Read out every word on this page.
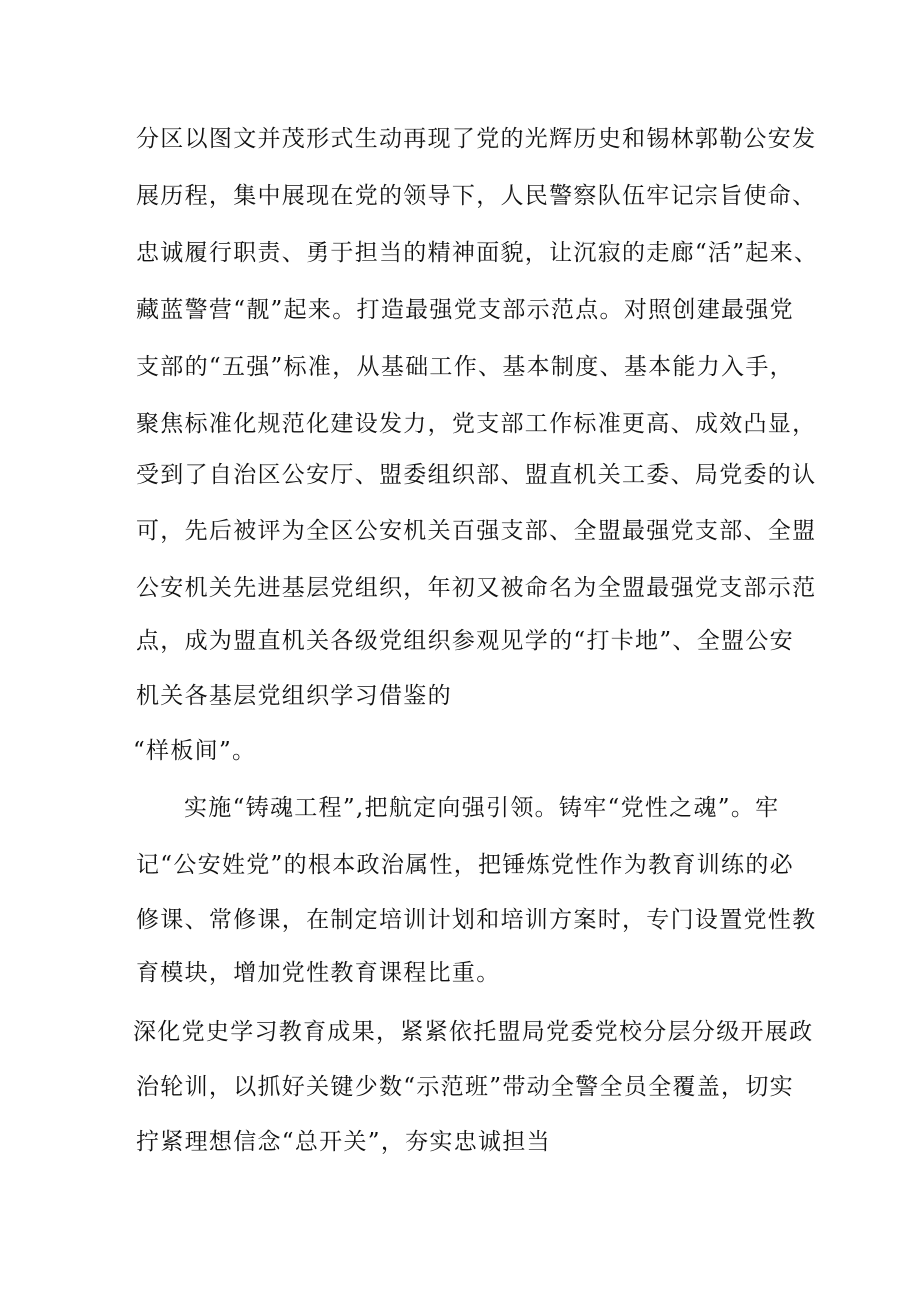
分区以图文并茂形式生动再现了党的光辉历史和锡林郭勒公安发
展历程，集中展现在党的领导下，人民警察队伍牢记宗旨使命、
忠诚履行职责、勇于担当的精神面貌，让沉寂的走廊“活”起来、
藏蓝警营“靓”起来。打造最强党支部示范点。对照创建最强党
支部的“五强”标准，从基础工作、基本制度、基本能力入手，
聚焦标准化规范化建设发力，党支部工作标准更高、成效凸显，
受到了自治区公安厅、盟委组织部、盟直机关工委、局党委的认
可，先后被评为全区公安机关百强支部、全盟最强党支部、全盟
公安机关先进基层党组织，年初又被命名为全盟最强党支部示范
点，成为盟直机关各级党组织参观见学的“打卡地”、全盟公安
机关各基层党组织学习借鉴的
“样板间”。
实施“铸魂工程”,把航定向强引领。铸牢“党性之魂”。牢
记“公安姓党”的根本政治属性，把锤炼党性作为教育训练的必
修课、常修课，在制定培训计划和培训方案时，专门设置党性教
育模块，增加党性教育课程比重。
深化党史学习教育成果，紧紧依托盟局党委党校分层分级开展政
治轮训，以抓好关键少数“示范班”带动全警全员全覆盖，切实
拧紧理想信念“总开关”，夯实忠诚担当
